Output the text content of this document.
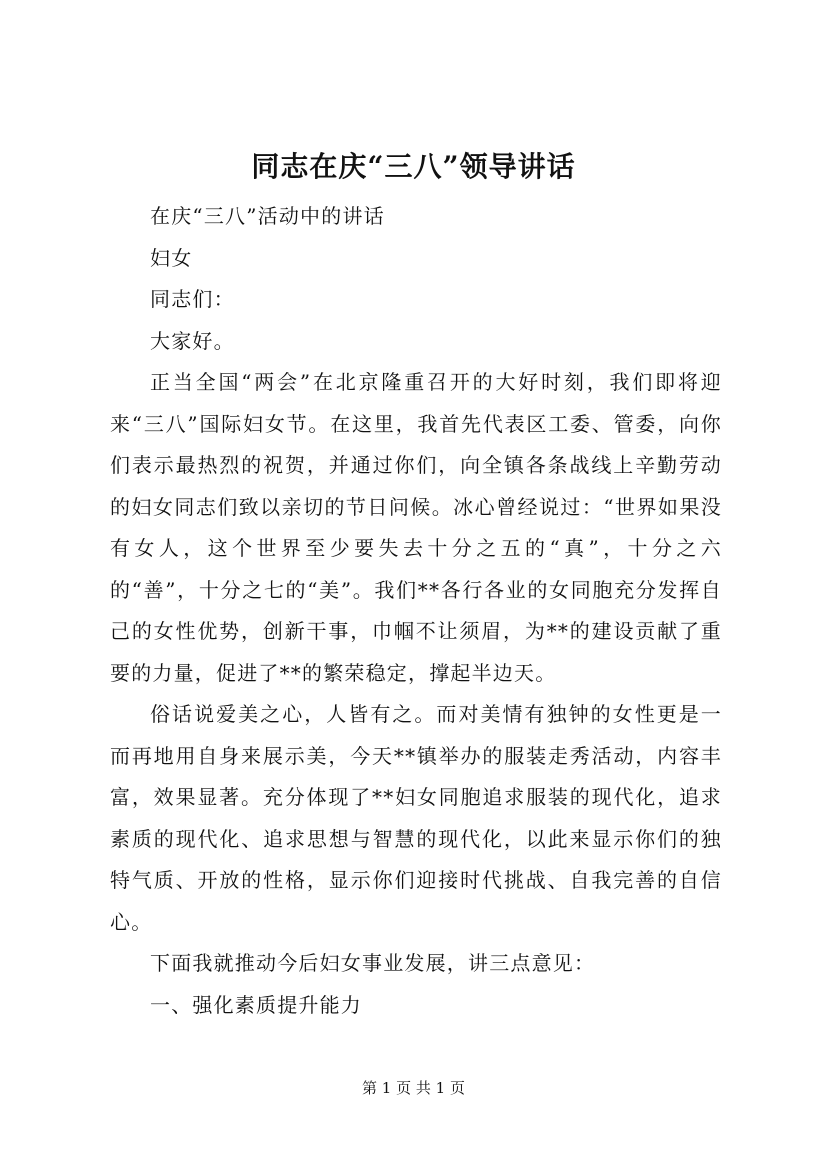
同志在庆“三八”领导讲话

在庆“三八”活动中的讲话

妇女

同志们：

大家好。

正当全国“两会”在北京隆重召开的大好时刻，我们即将迎来“三八”国际妇女节。在这里，我首先代表区工委、管委，向你们表示最热烈的祝贺，并通过你们，向全镇各条战线上辛勤劳动的妇女同志们致以亲切的节日问候。冰心曾经说过：“世界如果没有女人，这个世界至少要失去十分之五的“真”，十分之六的“善”，十分之七的“美”。我们**各行各业的女同胞充分发挥自己的女性优势，创新干事，巾帼不让须眉，为**的建设贡献了重要的力量，促进了**的繁荣稳定，撑起半边天。

俗话说爱美之心，人皆有之。而对美情有独钟的女性更是一而再地用自身来展示美，今天**镇举办的服装走秀活动，内容丰富，效果显著。充分体现了**妇女同胞追求服装的现代化，追求素质的现代化、追求思想与智慧的现代化，以此来显示你们的独特气质、开放的性格，显示你们迎接时代挑战、自我完善的自信心。

下面我就推动今后妇女事业发展，讲三点意见：

一、强化素质提升能力

第 1 页 共 1 页
